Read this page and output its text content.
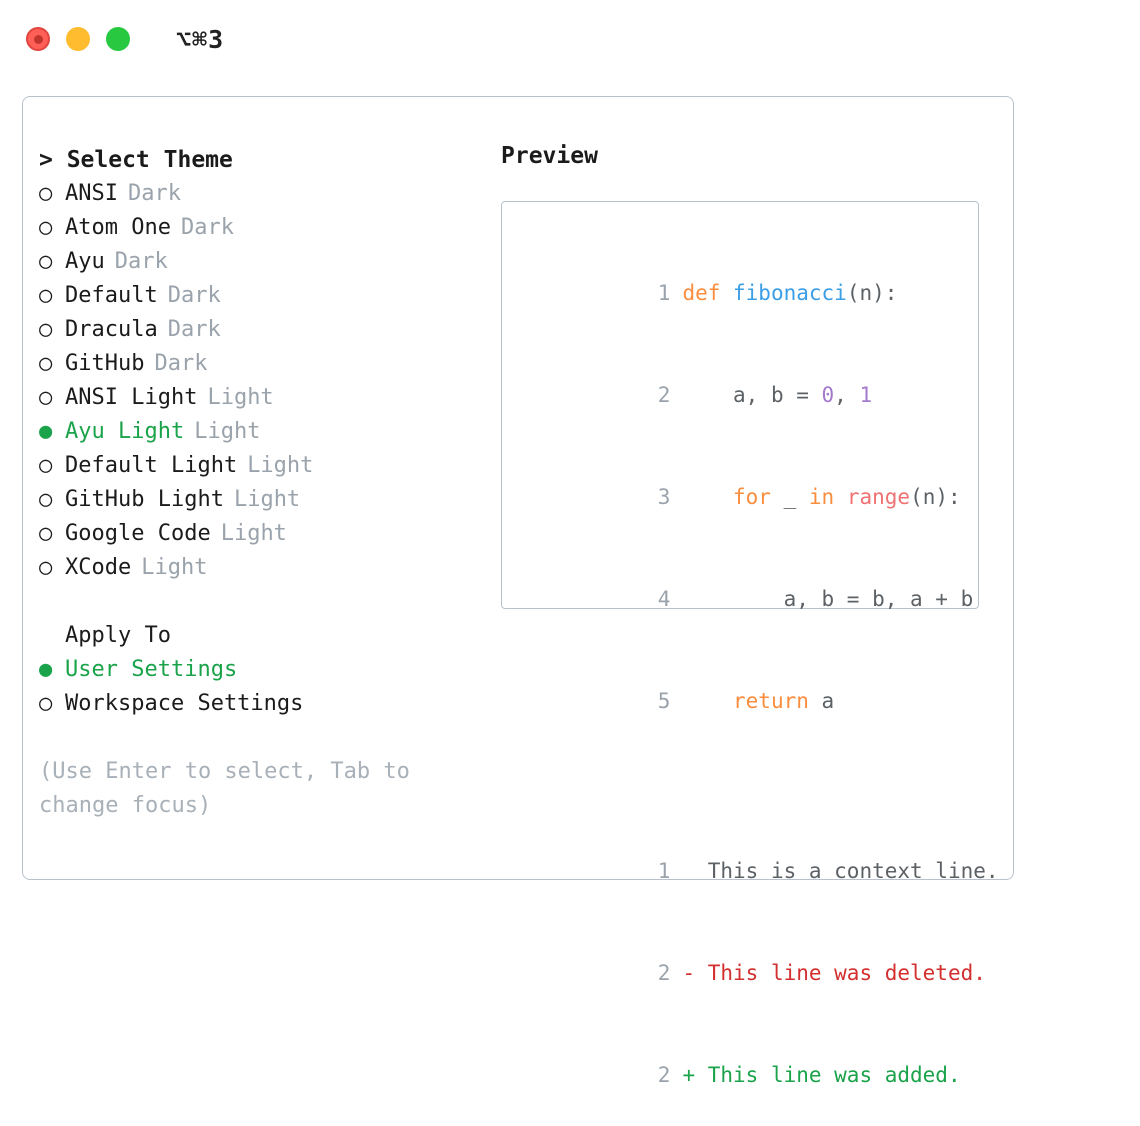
⌥⌘3
> Select Theme
○ ANSI Dark
○ Atom One Dark
○ Ayu Dark
○ Default Dark
○ Dracula Dark
○ GitHub Dark
○ ANSI Light Light
● Ayu Light Light
○ Default Light Light
○ GitHub Light Light
○ Google Code Light
○ XCode Light
Apply To
● User Settings
○ Workspace Settings
(Use Enter to select, Tab to change focus)
Preview

1 def fibonacci(n):

2    a, b = 0, 1

3	for _ in range(n):

4        a, b = b, a + b

5	return a

1  This is a context line.

2 - This line was deleted.

2 + This line was added.
